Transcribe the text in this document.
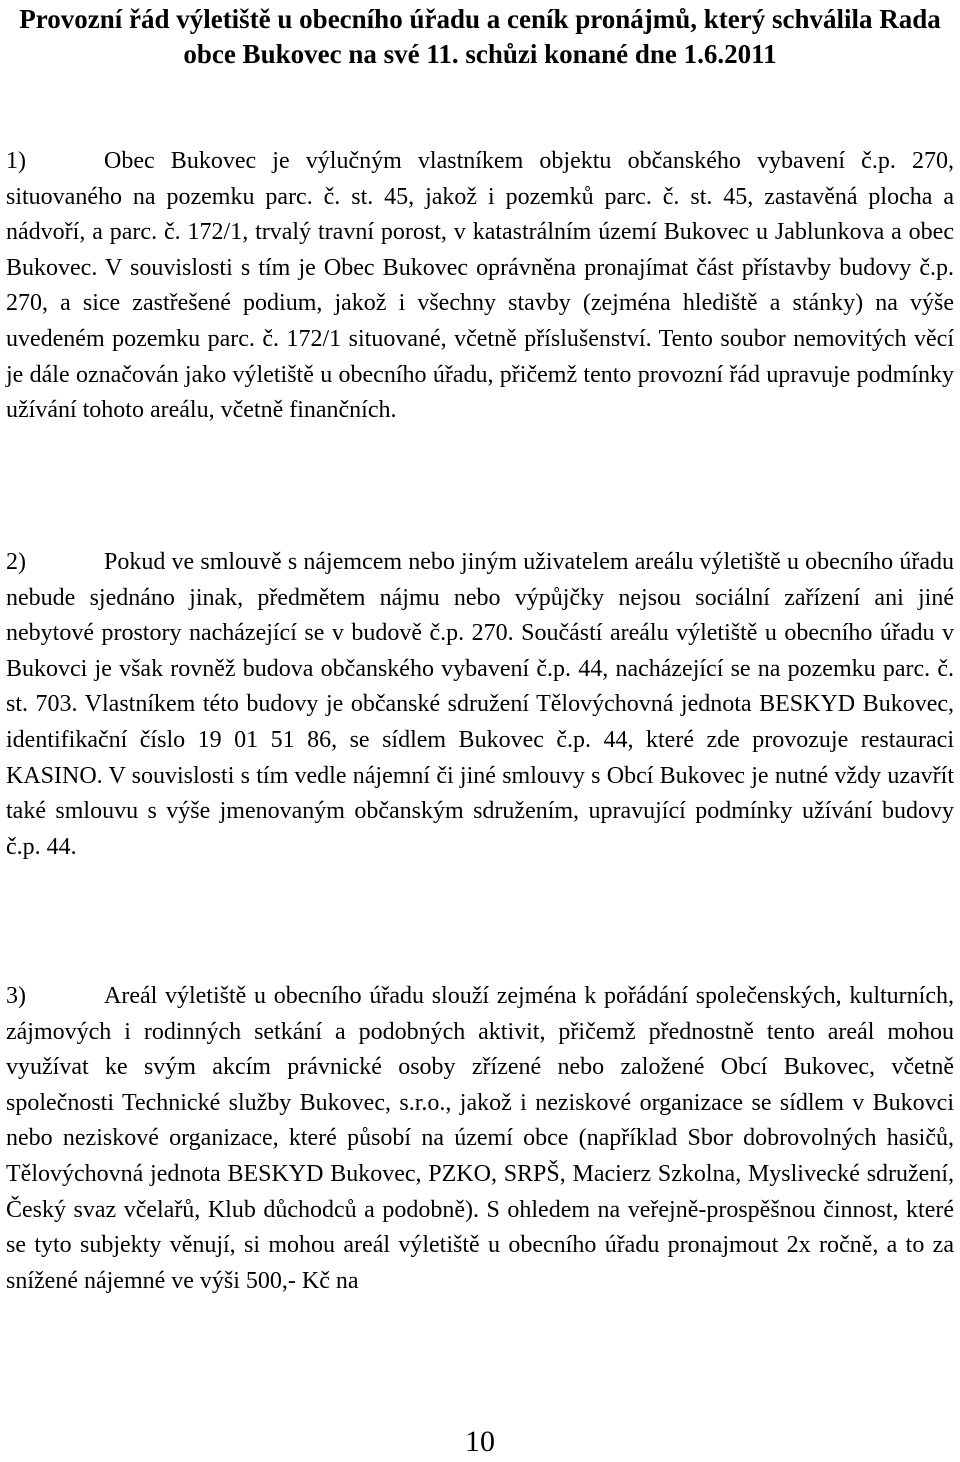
Provozní řád výletiště u obecního úřadu a ceník pronájmů, který schválila Rada obce Bukovec na své 11. schůzi konané dne 1.6.2011

1)	Obec Bukovec je výlučným vlastníkem objektu občanského vybavení č.p. 270, situovaného na pozemku parc. č. st. 45, jakož i pozemků parc. č. st. 45, zastavěná plocha a nádvoří, a parc. č. 172/1, trvalý travní porost, v katastrálním území Bukovec u Jablunkova a obec Bukovec. V souvislosti s tím je Obec Bukovec oprávněna pronajímat část přístavby budovy č.p. 270, a sice zastřešené podium, jakož i všechny stavby (zejména hlediště a stánky) na výše uvedeném pozemku parc. č. 172/1 situované, včetně příslušenství. Tento soubor nemovitých věcí je dále označován jako výletiště u obecního úřadu, přičemž tento provozní řád upravuje podmínky užívání tohoto areálu, včetně finančních.

2)	Pokud ve smlouvě s nájemcem nebo jiným uživatelem areálu výletiště u obecního úřadu nebude sjednáno jinak, předmětem nájmu nebo výpůjčky nejsou sociální zařízení ani jiné nebytové prostory nacházející se v budově č.p. 270. Součástí areálu výletiště u obecního úřadu v Bukovci je však rovněž budova občanského vybavení č.p. 44, nacházející se na pozemku parc. č. st. 703. Vlastníkem této budovy je občanské sdružení Tělovýchovná jednota BESKYD Bukovec, identifikační číslo 19 01 51 86, se sídlem Bukovec č.p. 44, které zde provozuje restauraci KASINO. V souvislosti s tím vedle nájemní či jiné smlouvy s Obcí Bukovec je nutné vždy uzavřít také smlouvu s výše jmenovaným občanským sdružením, upravující podmínky užívání budovy č.p. 44.

3)	Areál výletiště u obecního úřadu slouží zejména k pořádání společenských, kulturních, zájmových i rodinných setkání a podobných aktivit, přičemž přednostně tento areál mohou využívat ke svým akcím právnické osoby zřízené nebo založené Obcí Bukovec, včetně společnosti Technické služby Bukovec, s.r.o., jakož i neziskové organizace se sídlem v Bukovci nebo neziskové organizace, které působí na území obce (například Sbor dobrovolných hasičů, Tělovýchovná jednota BESKYD Bukovec, PZKO, SRPŠ, Macierz Szkolna, Myslivecké sdružení, Český svaz včelařů, Klub důchodců a podobně). S ohledem na veřejně-prospěšnou činnost, které se tyto subjekty věnují, si mohou areál výletiště u obecního úřadu pronajmout 2x ročně, a to za snížené nájemné ve výši 500,- Kč na

10
